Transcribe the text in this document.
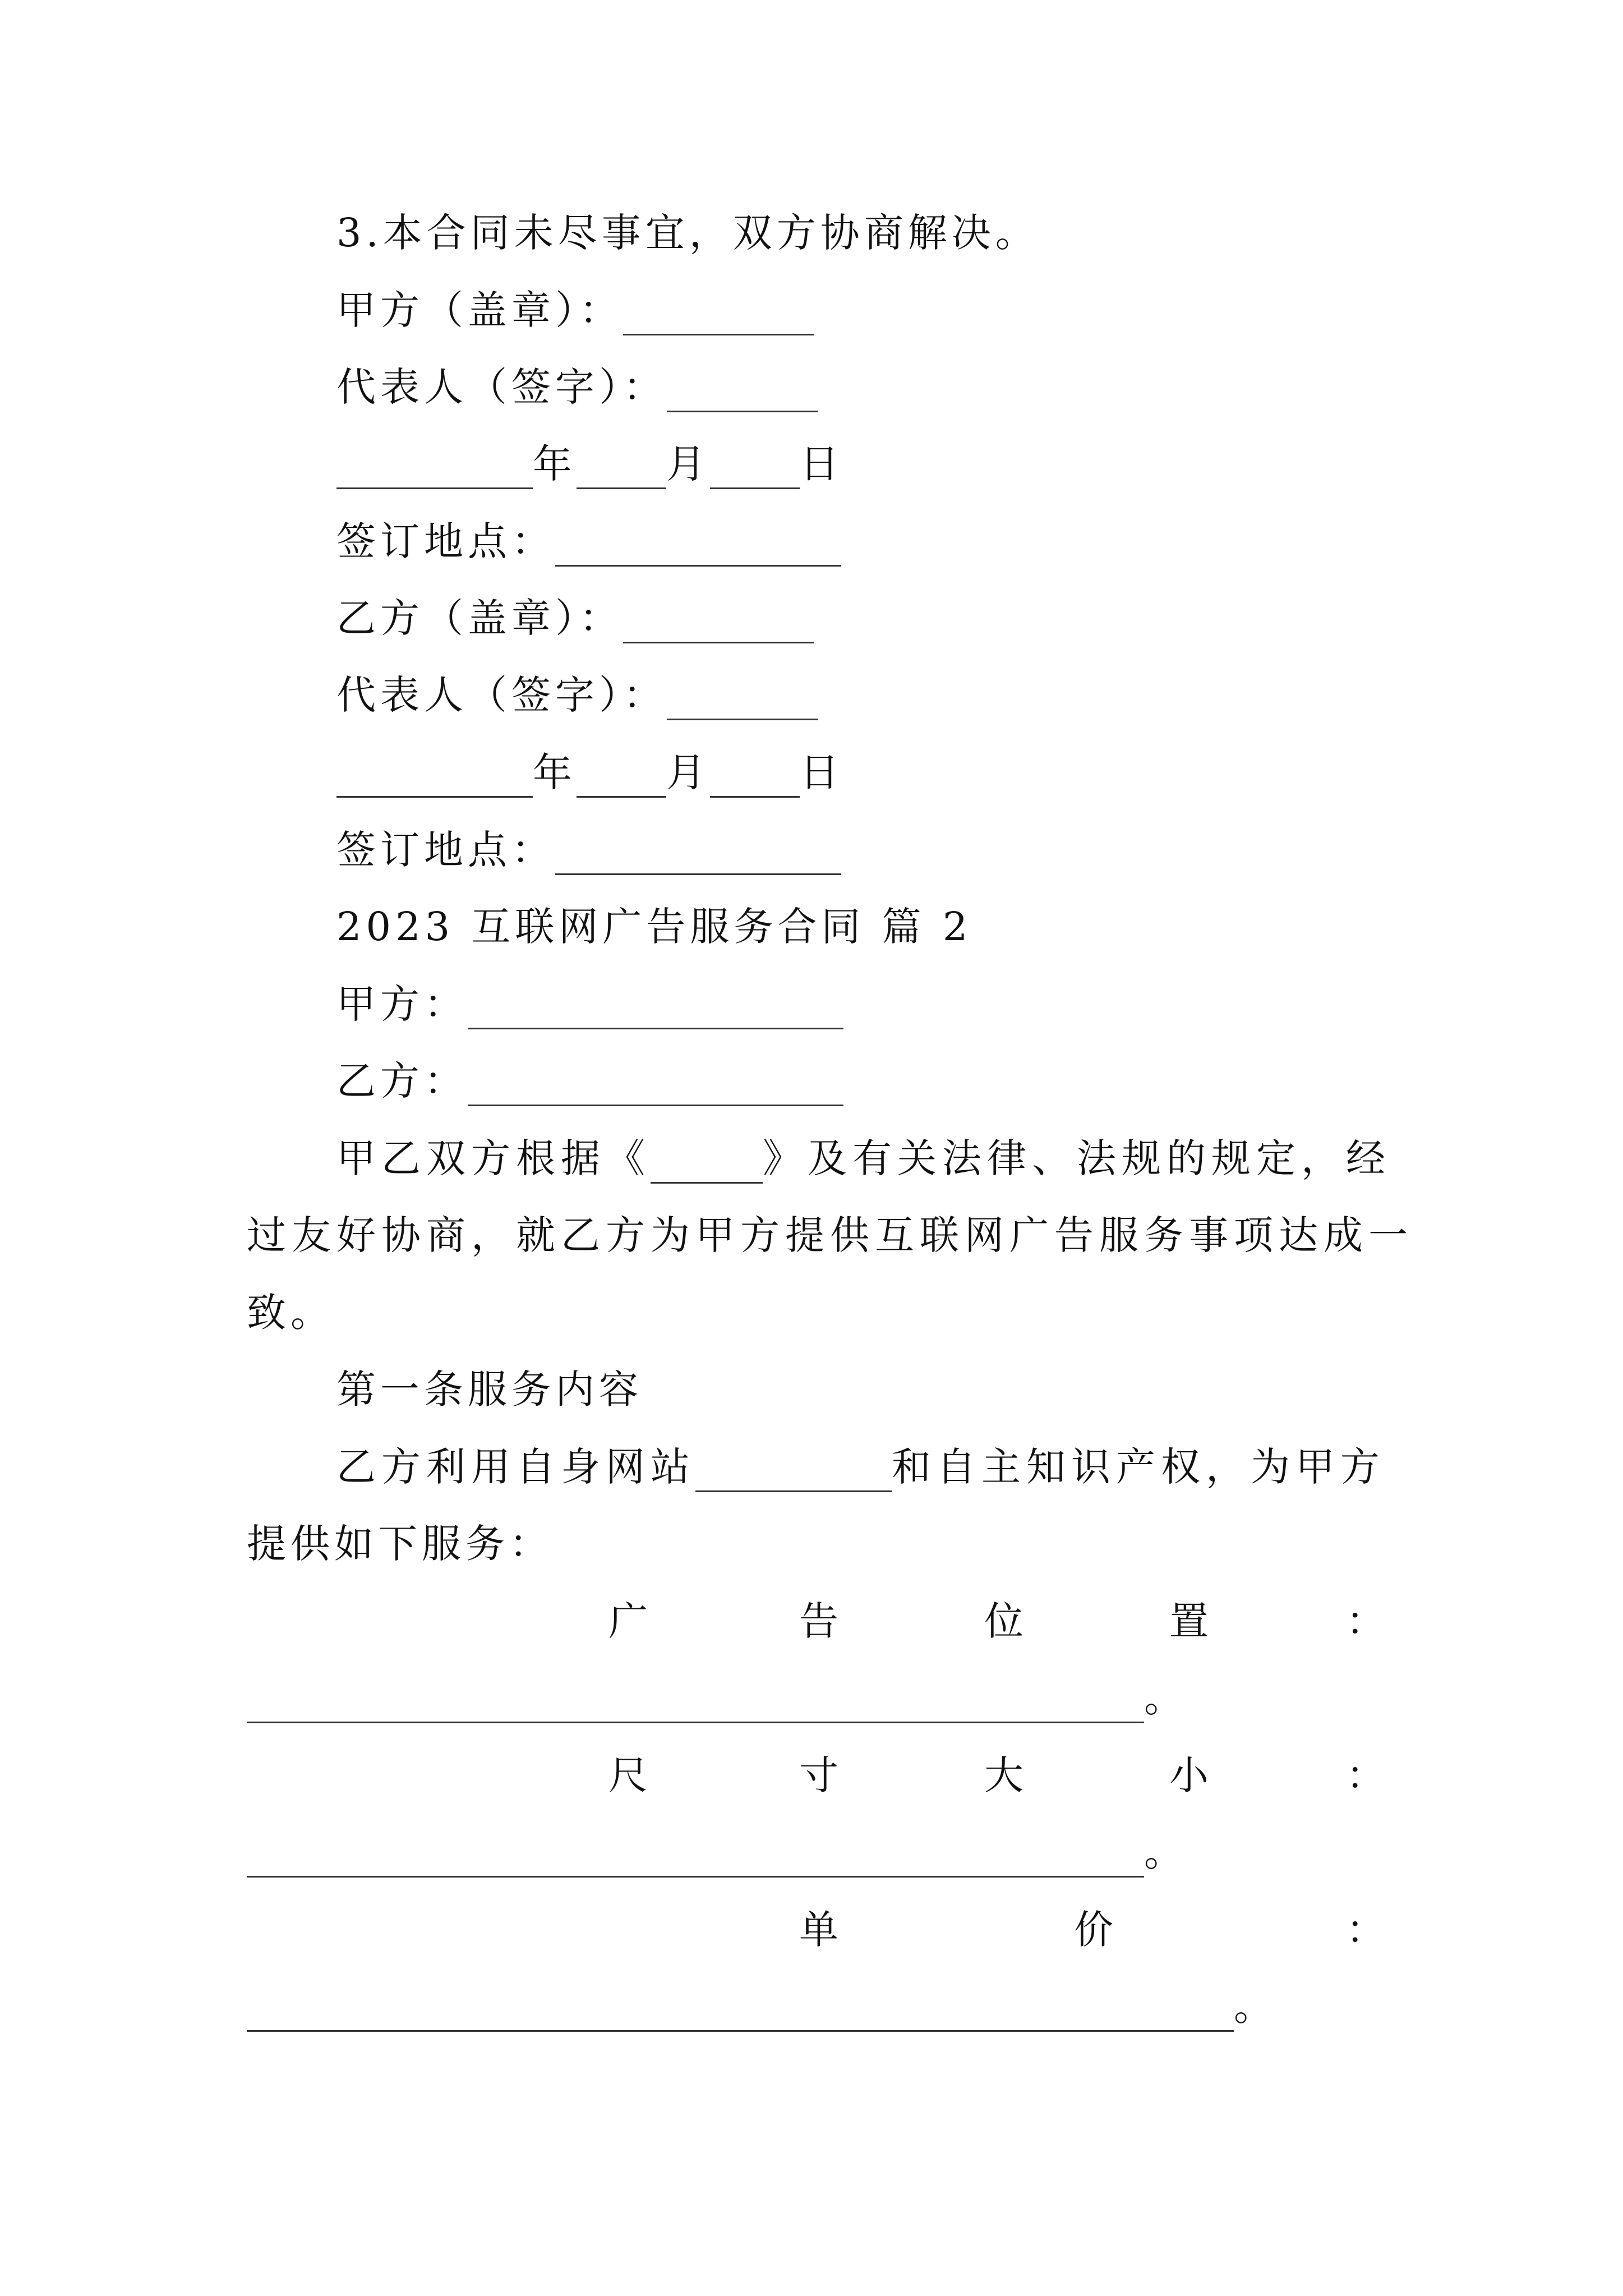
3.本合同未尽事宜，双方协商解决。
甲方（盖章）：
代表人（签字）：
年 月 日
签订地点：
乙方（盖章）：
代表人（签字）：
年 月 日
签订地点：
2023 互联网广告服务合同 篇 2
甲方：
乙方：
甲乙双方根据《	》及有关法律、法规的规定，经
过友好协商，就乙方为甲方提供互联网广告服务事项达成一
致。
第一条服务内容
乙方利用自身网站	和自主知识产权，为甲方
提供如下服务：
广	告	位	置	：
。
尺	寸	大	小	：
。
单	价	：
。
